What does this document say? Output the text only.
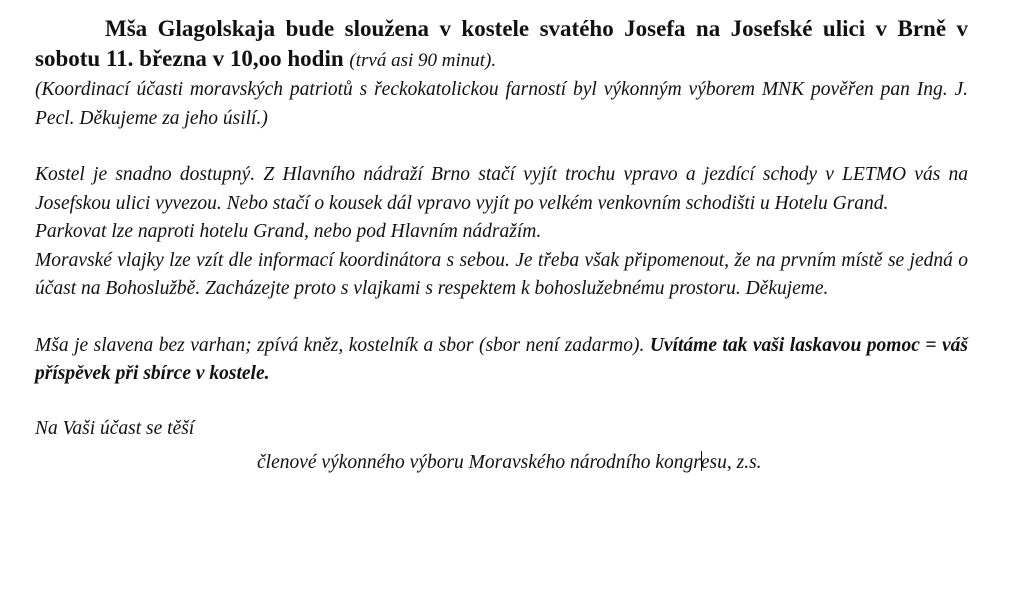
Mša Glagolskaja bude sloužena v kostele svatého Josefa na Josefské ulici v Brně v sobotu 11. března v 10,oo hodin (trvá asi 90 minut).

(Koordinací účasti moravských patriotů s řeckokatolickou farností byl výkonným výborem MNK pověřen pan Ing. J. Pecl. Děkujeme za jeho úsilí.)

Kostel je snadno dostupný. Z Hlavního nádraží Brno stačí vyjít trochu vpravo a jezdící schody v LETMO vás na Josefskou ulici vyvezou. Nebo stačí o kousek dál vpravo vyjít po velkém venkovním schodišti u Hotelu Grand.

Parkovat lze naproti hotelu Grand, nebo pod Hlavním nádražím.

Moravské vlajky lze vzít dle informací koordinátora s sebou. Je třeba však připomenout, že na prvním místě se jedná o účast na Bohoslužbě. Zacházejte proto s vlajkami s respektem k bohoslužebnému prostoru. Děkujeme.

Mša je slavena bez varhan; zpívá kněz, kostelník a sbor (sbor není zadarmo). Uvítáme tak vaši laskavou pomoc = váš příspěvek při sbírce v kostele.

Na Vaši účast se těší

členové výkonného výboru Moravského národního kongresu, z.s.
